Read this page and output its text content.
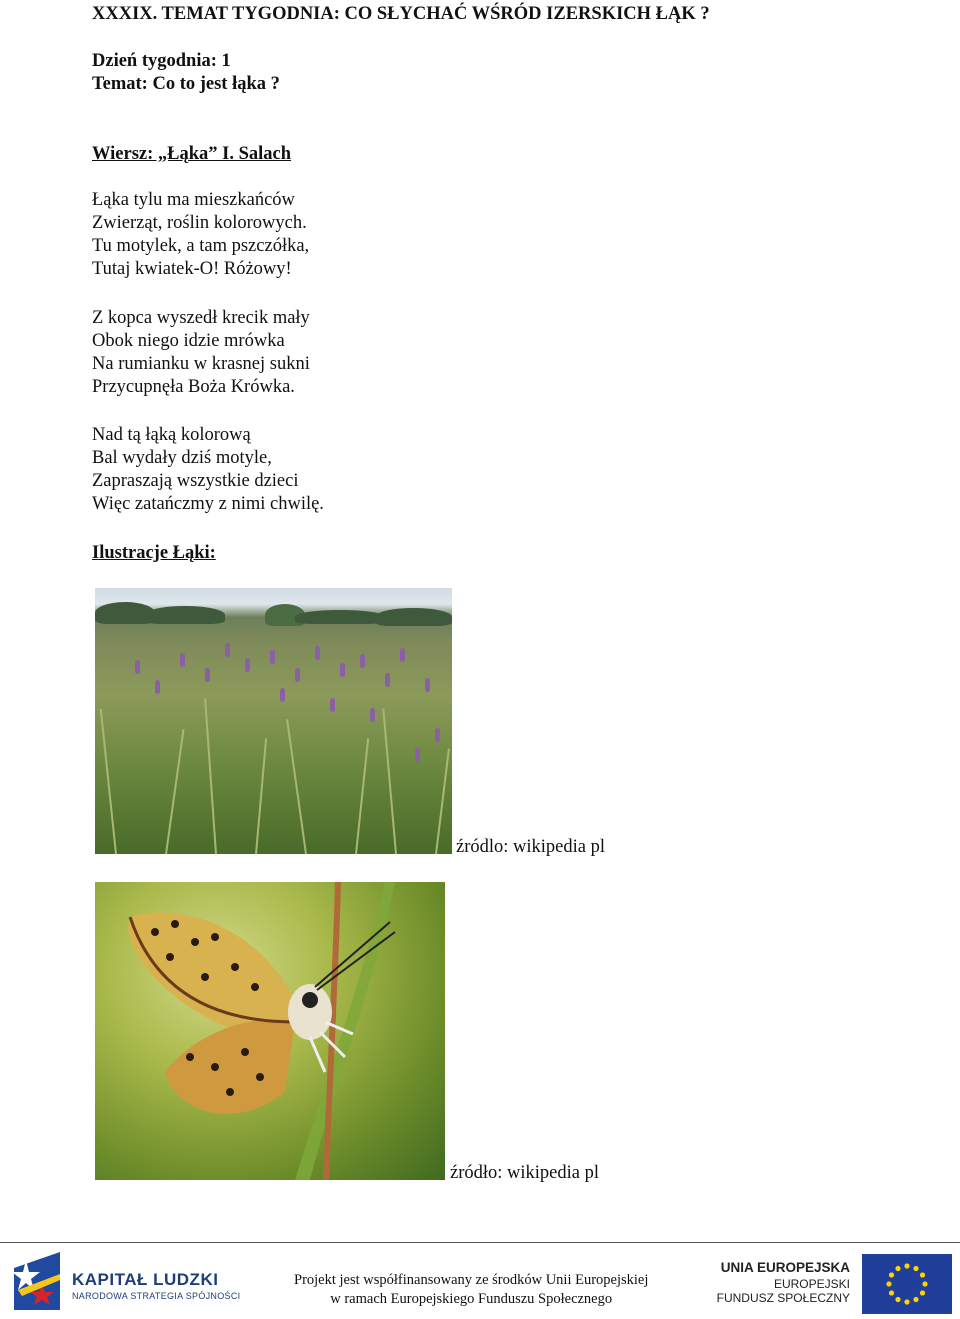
XXXIX. TEMAT TYGODNIA: CO SŁYCHAĆ WŚRÓD IZERSKICH ŁĄK ?
Dzień tygodnia: 1
Temat: Co to jest łąka ?
Wiersz: „Łąka” I. Salach
Łąka tylu ma mieszkańców
Zwierząt, roślin kolorowych.
Tu motylek, a tam pszczółka,
Tutaj kwiatek-O! Różowy!
Z kopca wyszedł krecik mały
Obok niego idzie mrówka
Na rumianku w krasnej sukni
Przycupnęła Boża Krówka.
Nad tą łąką kolorową
Bal wydały dziś motyle,
Zapraszają wszystkie dzieci
Więc zatańczmy z nimi chwilę.
Ilustracje Łąki:
źródlo: wikipedia pl
źródło: wikipedia pl
KAPITAŁ LUDZKI
NARODOWA STRATEGIA SPÓJNOŚCI
Projekt jest współfinansowany ze środków Unii Europejskiej
w ramach Europejskiego Funduszu Społecznego
UNIA EUROPEJSKA
EUROPEJSKI
FUNDUSZ SPOŁECZNY
